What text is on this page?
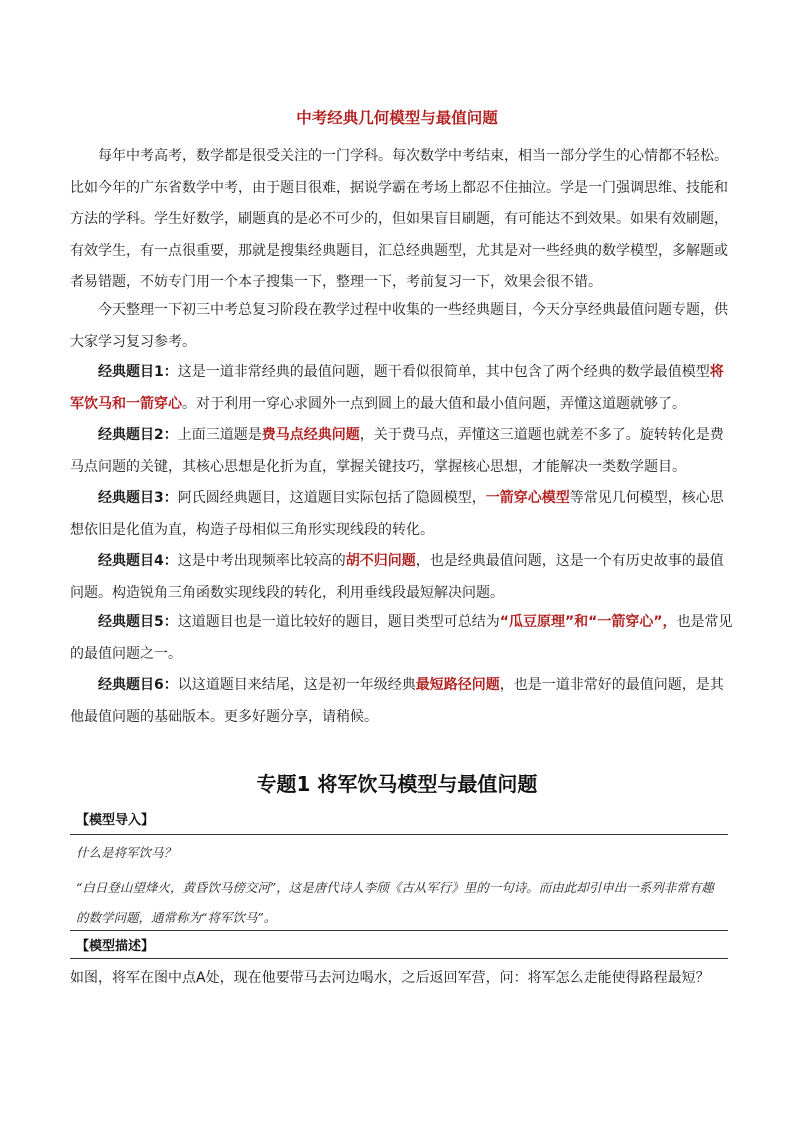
中考经典几何模型与最值问题

每年中考高考，数学都是很受关注的一门学科。每次数学中考结束，相当一部分学生的心情都不轻松。比如今年的广东省数学中考，由于题目很难，据说学霸在考场上都忍不住抽泣。学是一门强调思维、技能和方法的学科。学生好数学，刷题真的是必不可少的，但如果盲目刷题，有可能达不到效果。如果有效刷题，有效学生，有一点很重要，那就是搜集经典题目，汇总经典题型，尤其是对一些经典的数学模型，多解题或者易错题，不妨专门用一个本子搜集一下，整理一下，考前复习一下，效果会很不错。

今天整理一下初三中考总复习阶段在教学过程中收集的一些经典题目，今天分享经典最值问题专题，供大家学习复习参考。

经典题目1：这是一道非常经典的最值问题，题干看似很简单，其中包含了两个经典的数学最值模型将军饮马和一箭穿心。对于利用一穿心求圆外一点到圆上的最大值和最小值问题，弄懂这道题就够了。

经典题目2：上面三道题是费马点经典问题，关于费马点，弄懂这三道题也就差不多了。旋转转化是费马点问题的关键，其核心思想是化折为直，掌握关键技巧，掌握核心思想，才能解决一类数学题目。

经典题目3：阿氏圆经典题目，这道题目实际包括了隐圆模型，一箭穿心模型等常见几何模型，核心思想依旧是化值为直，构造子母相似三角形实现线段的转化。

经典题目4：这是中考出现频率比较高的胡不归问题，也是经典最值问题，这是一个有历史故事的最值问题。构造锐角三角函数实现线段的转化，利用垂线段最短解决问题。

经典题目5：这道题目也是一道比较好的题目，题目类型可总结为“瓜豆原理”和“一箭穿心”，也是常见的最值问题之一。

经典题目6：以这道题目来结尾，这是初一年级经典最短路径问题，也是一道非常好的最值问题，是其他最值问题的基础版本。更多好题分享，请稍候。

专题1 将军饮马模型与最值问题
【模型导入】

什么是将军饮马？

“白日登山望烽火，黄昏饮马傍交河”，这是唐代诗人李颀《古从军行》里的一句诗。而由此却引申出一系列非常有趣的数学问题，通常称为“将军饮马”。

【模型描述】

如图，将军在图中点A处，现在他要带马去河边喝水，之后返回军营，问：将军怎么走能使得路程最短？
